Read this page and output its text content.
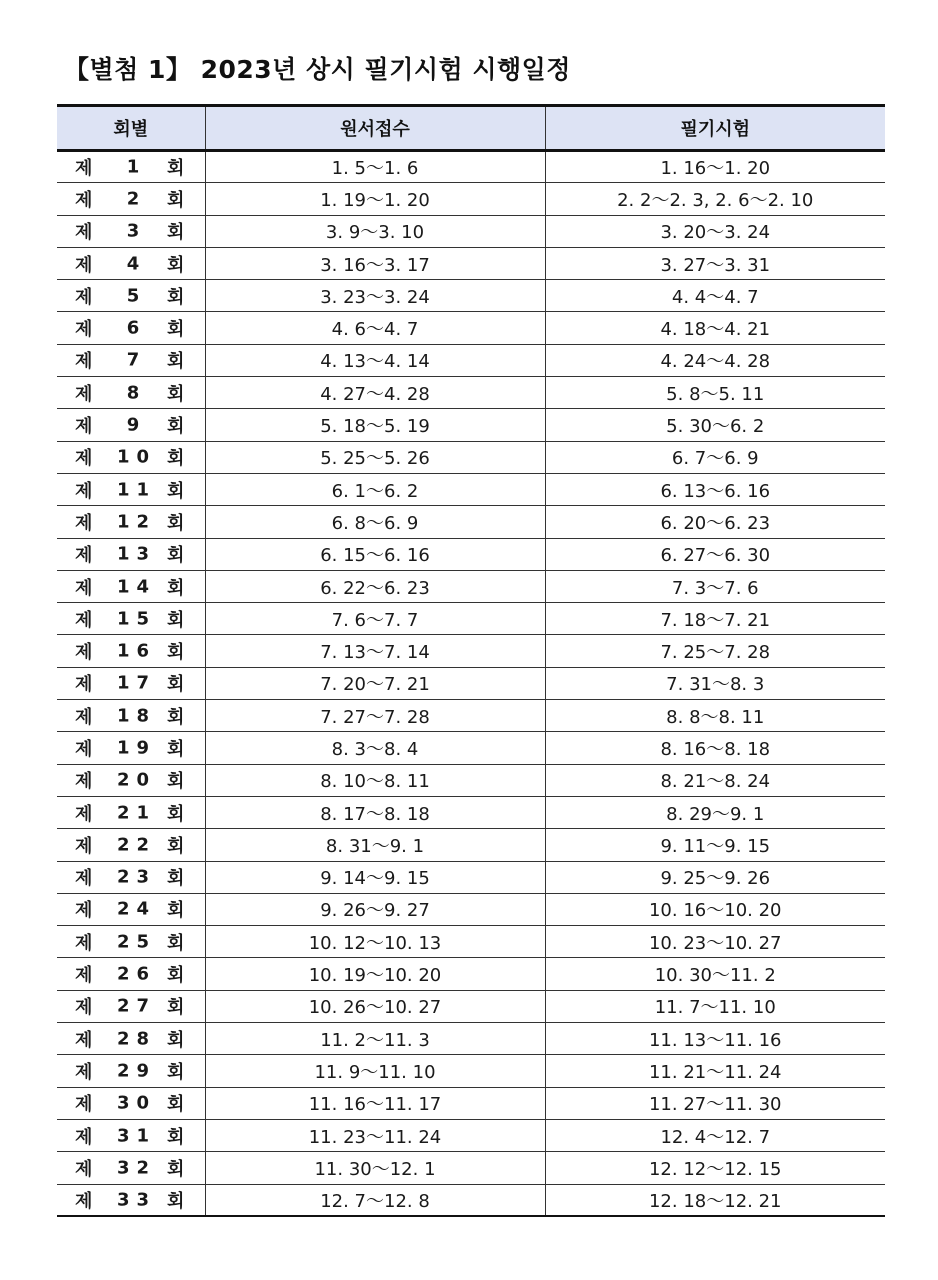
【별첨 1】 2023년 상시 필기시험 시행일정
회별	원서접수	필기시험

제 1 회	1. 5～1. 6	1. 16～1. 20

제 2 회	1. 19～1. 20	2. 2～2. 3, 2. 6～2. 10

제 3 회	3. 9～3. 10	3. 20～3. 24

제 4 회	3. 16～3. 17	3. 27～3. 31

제 5 회	3. 23～3. 24	4. 4～4. 7

제 6 회	4. 6～4. 7	4. 18～4. 21

제 7 회	4. 13～4. 14	4. 24～4. 28

제 8 회	4. 27～4. 28	5. 8～5. 11

제 9 회	5. 18～5. 19	5. 30～6. 2

제 10 회	5. 25～5. 26	6. 7～6. 9

제 11 회	6. 1～6. 2	6. 13～6. 16

제 12 회	6. 8～6. 9	6. 20～6. 23

제 13 회	6. 15～6. 16	6. 27～6. 30

제 14 회	6. 22～6. 23	7. 3～7. 6

제 15 회	7. 6～7. 7	7. 18～7. 21

제 16 회	7. 13～7. 14	7. 25～7. 28

제 17 회	7. 20～7. 21	7. 31～8. 3

제 18 회	7. 27～7. 28	8. 8～8. 11

제 19 회	8. 3～8. 4	8. 16～8. 18

제 20 회	8. 10～8. 11	8. 21～8. 24

제 21 회	8. 17～8. 18	8. 29～9. 1

제 22 회	8. 31～9. 1	9. 11～9. 15

제 23 회	9. 14～9. 15	9. 25～9. 26

제 24 회	9. 26～9. 27	10. 16～10. 20

제 25 회	10. 12～10. 13	10. 23～10. 27

제 26 회	10. 19～10. 20	10. 30～11. 2

제 27 회	10. 26～10. 27	11. 7～11. 10

제 28 회	11. 2～11. 3	11. 13～11. 16

제 29 회	11. 9～11. 10	11. 21～11. 24

제 30 회	11. 16～11. 17	11. 27～11. 30

제 31 회	11. 23～11. 24	12. 4～12. 7

제 32 회	11. 30～12. 1	12. 12～12. 15

제 33 회	12. 7～12. 8	12. 18～12. 21
